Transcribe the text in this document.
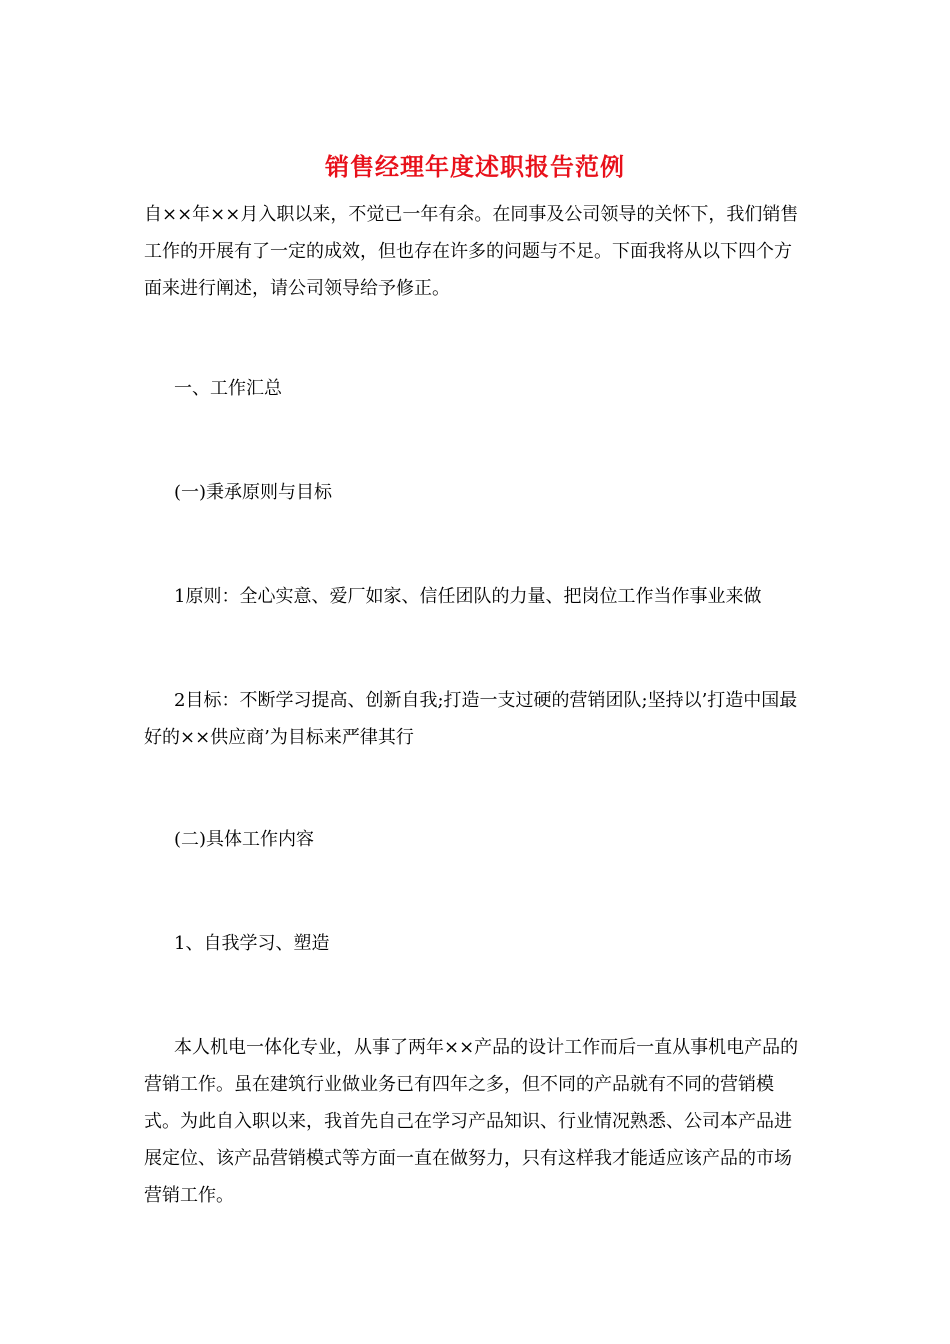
销售经理年度述职报告范例

自××年××月入职以来，不觉已一年有余。在同事及公司领导的关怀下，我们销售工作的开展有了一定的成效，但也存在许多的问题与不足。下面我将从以下四个方面来进行阐述，请公司领导给予修正。

一、工作汇总

(一)秉承原则与目标

1原则：全心实意、爱厂如家、信任团队的力量、把岗位工作当作事业来做

2目标：不断学习提高、创新自我;打造一支过硬的营销团队;坚持以’打造中国最好的××供应商’为目标来严律其行

(二)具体工作内容

1、自我学习、塑造

本人机电一体化专业，从事了两年××产品的设计工作而后一直从事机电产品的营销工作。虽在建筑行业做业务已有四年之多，但不同的产品就有不同的营销模式。为此自入职以来，我首先自己在学习产品知识、行业情况熟悉、公司本产品进展定位、该产品营销模式等方面一直在做努力，只有这样我才能适应该产品的市场营销工作。
